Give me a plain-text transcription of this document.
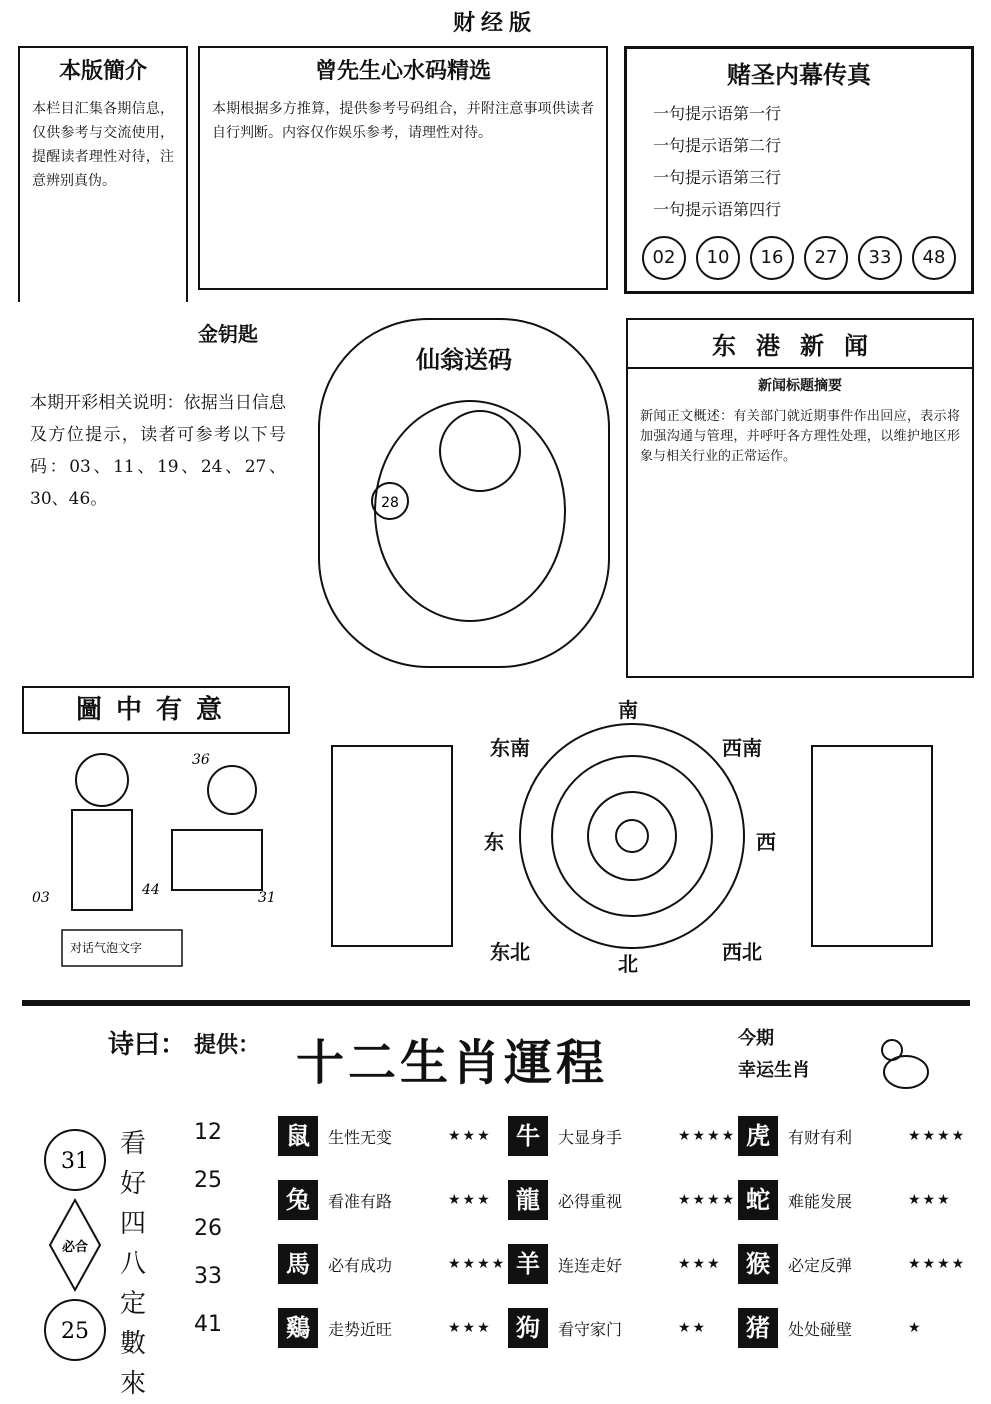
财经版
本版簡介
本栏目汇集各期信息，仅供参考与交流使用，提醒读者理性对待，注意辨别真伪。
曾先生心水码精选
本期根据多方推算，提供参考号码组合，并附注意事项供读者自行判断。内容仅作娱乐参考，请理性对待。
赌圣内幕传真

一句提示语第一行

一句提示语第二行

一句提示语第三行

一句提示语第四行

02	10	16	27	33	48
金钥匙
本期开彩相关说明：依据当日信息及方位提示，读者可参考以下号码：03、11、19、24、27、30、46。
仙翁送码
28
东港新闻
新闻标题摘要
新闻正文概述：有关部门就近期事件作出回应，表示将加强沟通与管理，并呼吁各方理性处理，以维护地区形象与相关行业的正常运作。
圖中有意
36
03	44	31
对话气泡文字
南
北
东	西
东南	西南
东北	西北
诗曰： 提供：
看
好
四
八
定
數
來
12
25
26
33
41
31
必合
25
十二生肖運程	今期
幸运生肖
鼠	生性无变	★★★	牛	大显身手	★★★★ 虎	有财有利	★★★★
兔	看准有路	★★★	龍	必得重视	★★★★ 蛇	难能发展	★★★
馬	必有成功	★★★★ 羊	连连走好	★★★	猴	必定反弹	★★★★
鷄	走势近旺	★★★	狗	看守家门	★★	猪	处处碰壁	★
